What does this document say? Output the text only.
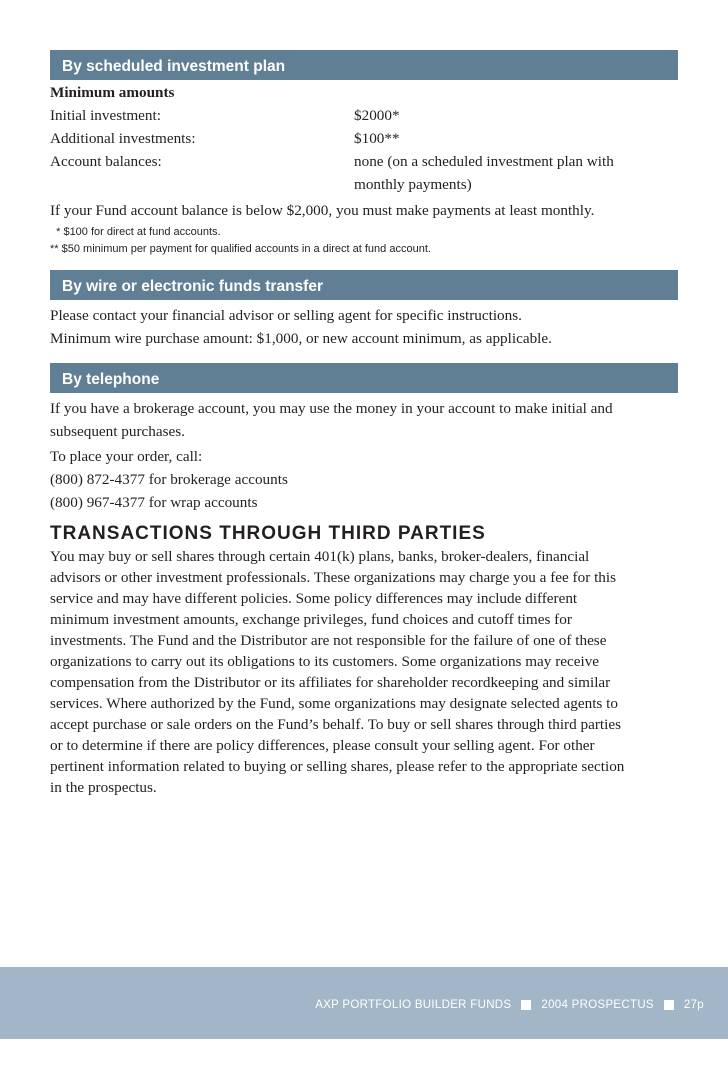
By scheduled investment plan
Minimum amounts
Initial investment:	$2000*
Additional investments:	$100**
Account balances:	none (on a scheduled investment plan with
monthly payments)
If your Fund account balance is below $2,000, you must make payments at least monthly.
* $100 for direct at fund accounts.
** $50 minimum per payment for qualified accounts in a direct at fund account.
By wire or electronic funds transfer
Please contact your financial advisor or selling agent for specific instructions.
Minimum wire purchase amount: $1,000, or new account minimum, as applicable.
By telephone
If you have a brokerage account, you may use the money in your account to make initial and
subsequent purchases.
To place your order, call:
(800) 872-4377 for brokerage accounts
(800) 967-4377 for wrap accounts
TRANSACTIONS THROUGH THIRD PARTIES
You may buy or sell shares through certain 401(k) plans, banks, broker-dealers, financial
advisors or other investment professionals. These organizations may charge you a fee for this
service and may have different policies. Some policy differences may include different
minimum investment amounts, exchange privileges, fund choices and cutoff times for
investments. The Fund and the Distributor are not responsible for the failure of one of these
organizations to carry out its obligations to its customers. Some organizations may receive
compensation from the Distributor or its affiliates for shareholder recordkeeping and similar
services. Where authorized by the Fund, some organizations may designate selected agents to
accept purchase or sale orders on the Fund’s behalf. To buy or sell shares through third parties
or to determine if there are policy differences, please consult your selling agent. For other
pertinent information related to buying or selling shares, please refer to the appropriate section
in the prospectus.
AXP PORTFOLIO BUILDER FUNDS	2004 PROSPECTUS	27p
